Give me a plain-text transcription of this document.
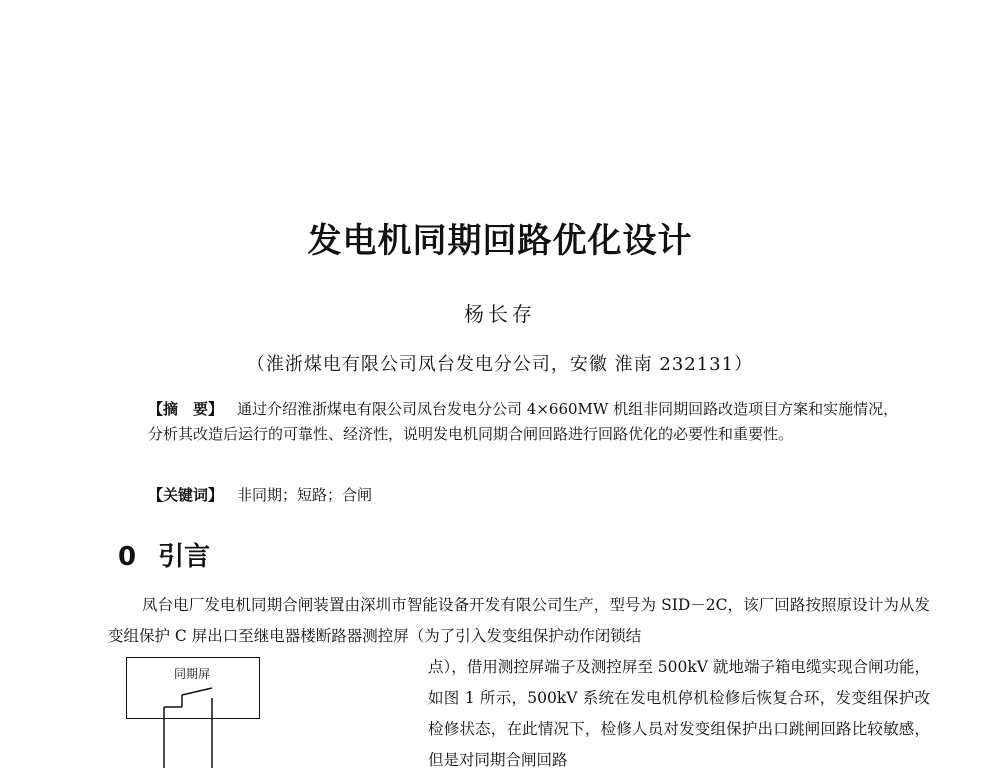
发电机同期回路优化设计
杨长存
（淮浙煤电有限公司凤台发电分公司，安徽 淮南 232131）
【摘　要】 通过介绍淮浙煤电有限公司凤台发电分公司 4×660MW 机组非同期回路改造项目方案和实施情况，分析其改造后运行的可靠性、经济性，说明发电机同期合闸回路进行回路优化的必要性和重要性。
【关键词】 非同期；短路；合闸
0 引言
凤台电厂发电机同期合闸装置由深圳市智能设备开发有限公司生产，型号为 SID－2C，该厂回路按照原设计为从发变组保护 C 屏出口至继电器楼断路器测控屏（为了引入发变组保护动作闭锁结
同期屏	点），借用测控屏端子及测控屏至 500kV 就地端子箱电缆实现合闸功能，如图 1 所示，500kV 系统在发电机停机检修后恢复合环，发变组保护改检修状态，在此情况下，检修人员对发变组保护出口跳闸回路比较敏感，但是对同期合闸回路
